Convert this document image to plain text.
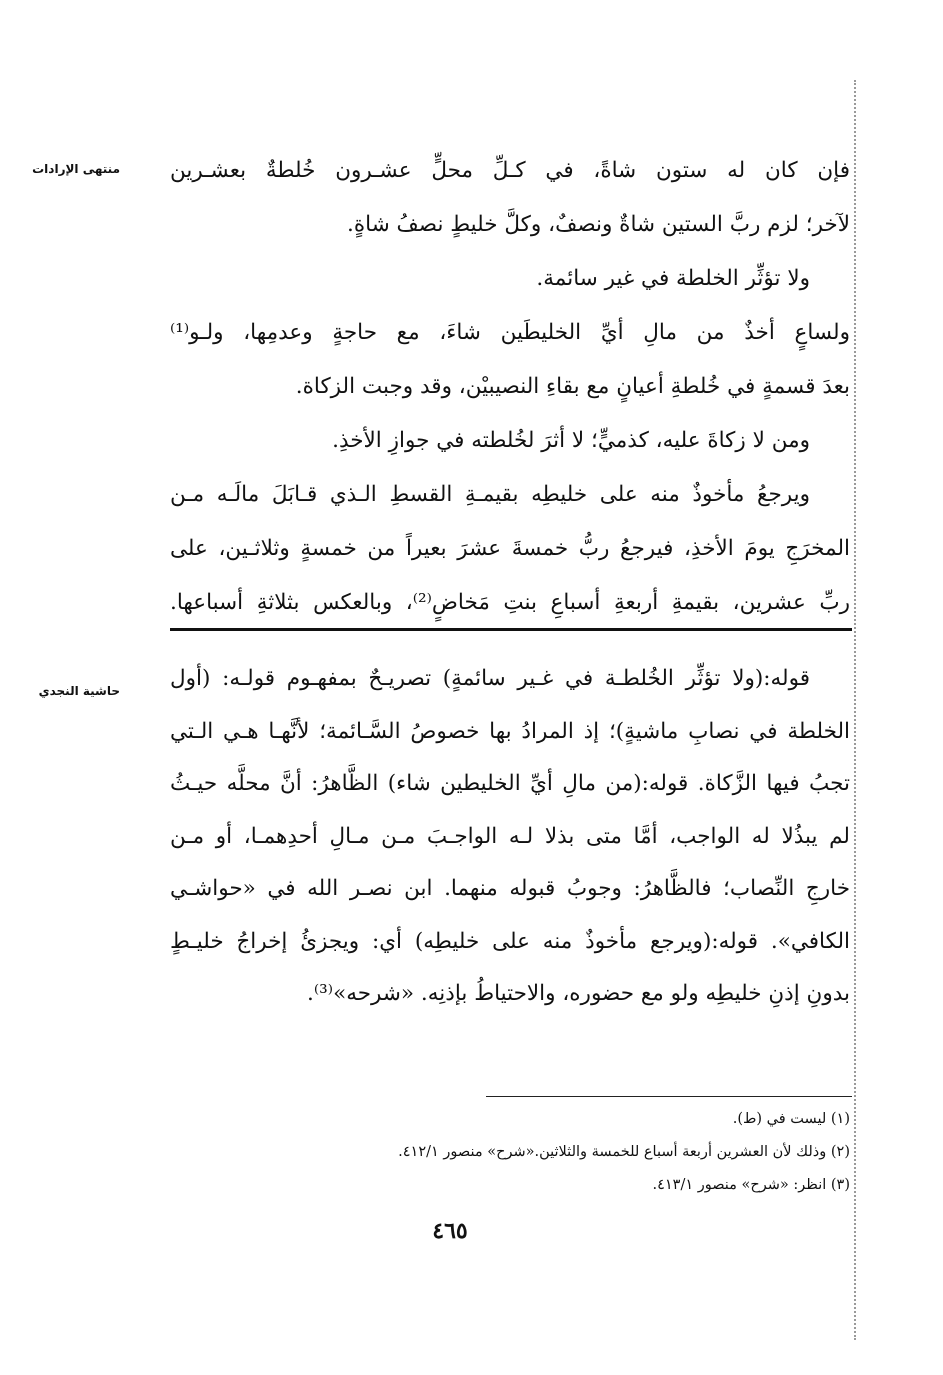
منتهى الإرادات
حاشية النجدي
فإن كان له ستون شاةً، في كـلِّ محلٍّ عشـرون خُلطةٌ بعشـرين
لآخر؛ لزم ربَّ الستين شاةٌ ونصفٌ، وكلَّ خليطٍ نصفُ شاةٍ.
ولا تؤثِّر الخلطة في غير سائمة.
ولساعٍ أخذٌ من مالِ أيِّ الخليطَين شاءَ، مع حاجةٍ وعدمِها، ولـو⁽¹⁾
بعدَ قسمةٍ في خُلطةِ أعيانٍ مع بقاءِ النصيبيْن، وقد وجبت الزكاة.
ومن لا زكاةَ عليه، كذميٍّ؛ لا أثرَ لخُلطته في جوازِ الأخذِ.
ويرجعُ مأخوذٌ منه على خليطِه بقيمـةِ القسطِ الـذي قـابَلَ مالَـه مـن
المخرَجِ يومَ الأخذِ، فيرجعُ ربُّ خمسةَ عشرَ بعيراً من خمسةٍ وثلاثـين، على
ربِّ عشرين، بقيمةِ أربعةِ أسباعِ بنتِ مَخاضٍ⁽²⁾، وبالعكس بثلاثةِ أسباعها.
قوله:(ولا تؤثِّر الخُلطـة في غـير سائمةٍ) تصريـحٌ بمفهـوم قولـه: (أول
الخلطة في نصابِ ماشيةٍ)؛ إذ المرادُ بها خصوصُ السَّـائمة؛ لأنَّهـا هـي الـتي
تجبُ فيها الزَّكاة. قوله:(من مالِ أيِّ الخليطين شاء) الظَّاهرُ: أنَّ محلَّه حيـثُ
لم يبذُلا له الواجب، أمَّا متى بذلا لـه الواجـبَ مـن مـالِ أحدِهمـا، أو مـن
خارجِ النِّصاب؛ فالظَّاهرُ: وجوبُ قبوله منهما. ابن نصـر الله في «حواشـي
الكافي». قوله:(ويرجع مأخوذٌ منه على خليطِه) أي: ويجزئُ إخراجُ خليـطٍ
بدونِ إذنِ خليطِه ولو مع حضوره، والاحتياطُ بإذنِه. «شرحه»⁽³⁾.
(١) ليست في (ط).
(٢) وذلك لأن العشرين أربعة أسباع للخمسة والثلاثين.«شرح» منصور ٤١٢/١.
(٣) انظر: «شرح» منصور ٤١٣/١.
٤٦٥
